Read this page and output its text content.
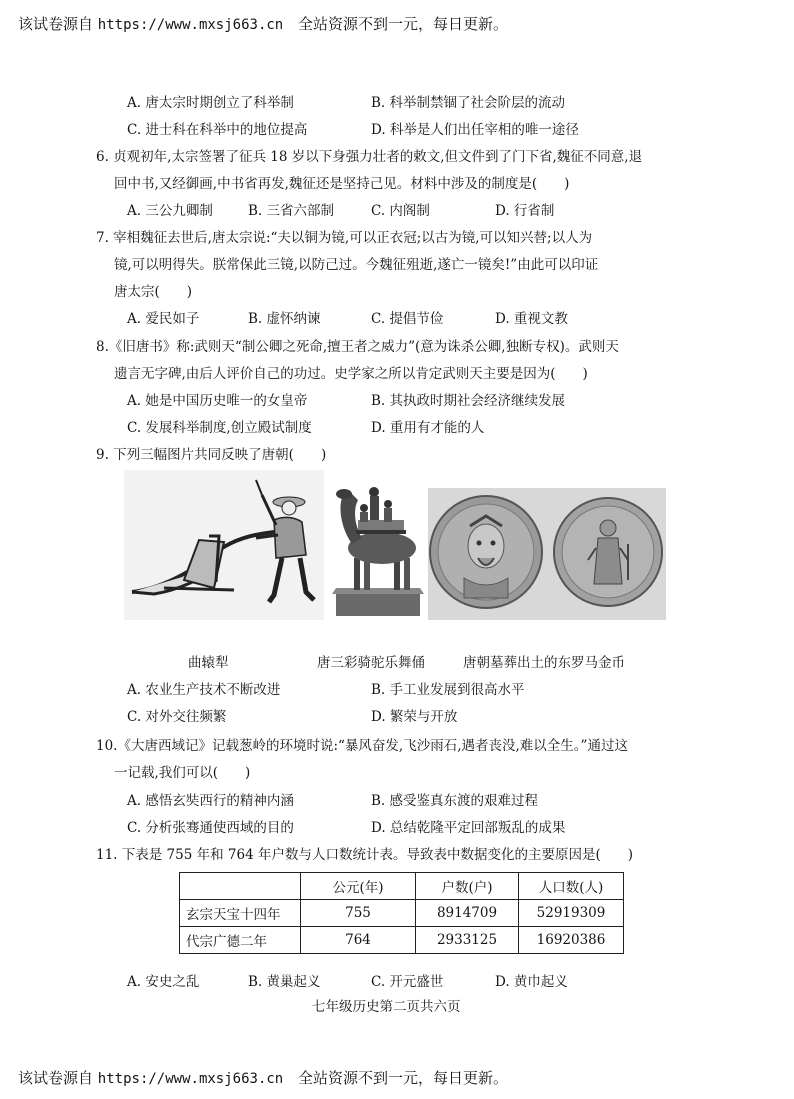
该试卷源自 https://www.mxsj663.cn 全站资源不到一元，每日更新。
A. 唐太宗时期创立了科举制	B. 科举制禁锢了社会阶层的流动
C. 进士科在科举中的地位提高	D. 科举是人们出任宰相的唯一途径
6. 贞观初年,太宗签署了征兵 18 岁以下身强力壮者的敕文,但文件到了门下省,魏征不同意,退
回中书,又经御画,中书省再发,魏征还是坚持己见。材料中涉及的制度是(　　)
A. 三公九卿制	B. 三省六部制	C. 内阁制	D. 行省制
7. 宰相魏征去世后,唐太宗说:“夫以铜为镜,可以正衣冠;以古为镜,可以知兴替;以人为
镜,可以明得失。朕常保此三镜,以防己过。今魏征殂逝,遂亡一镜矣!”由此可以印证
唐太宗(　　)
A. 爱民如子	B. 虚怀纳谏	C. 提倡节俭	D. 重视文教
8.《旧唐书》称:武则天“制公卿之死命,擅王者之威力”(意为诛杀公卿,独断专权)。武则天
遗言无字碑,由后人评价自己的功过。史学家之所以肯定武则天主要是因为(　　)
A. 她是中国历史唯一的女皇帝	B. 其执政时期社会经济继续发展
C. 发展科举制度,创立殿试制度	D. 重用有才能的人
9. 下列三幅图片共同反映了唐朝(　　)
曲辕犁	唐三彩骑驼乐舞俑	唐朝墓葬出土的东罗马金币
A. 农业生产技术不断改进	B. 手工业发展到很高水平
C. 对外交往频繁	D. 繁荣与开放
10.《大唐西域记》记载葱岭的环境时说:“暴风奋发,飞沙雨石,遇者丧没,难以全生。”通过这
一记载,我们可以(　　)
A. 感悟玄奘西行的精神内涵	B. 感受鉴真东渡的艰难过程
C. 分析张骞通使西域的目的	D. 总结乾隆平定回部叛乱的成果
11. 下表是 755 年和 764 年户数与人口数统计表。导致表中数据变化的主要原因是(　　)
	公元(年)	户数(户)	人口数(人)
玄宗天宝十四年	755	8914709	52919309
代宗广德二年	764	2933125	16920386
A. 安史之乱	B. 黄巢起义	C. 开元盛世	D. 黄巾起义
七年级历史第二页共六页
该试卷源自 https://www.mxsj663.cn 全站资源不到一元，每日更新。
